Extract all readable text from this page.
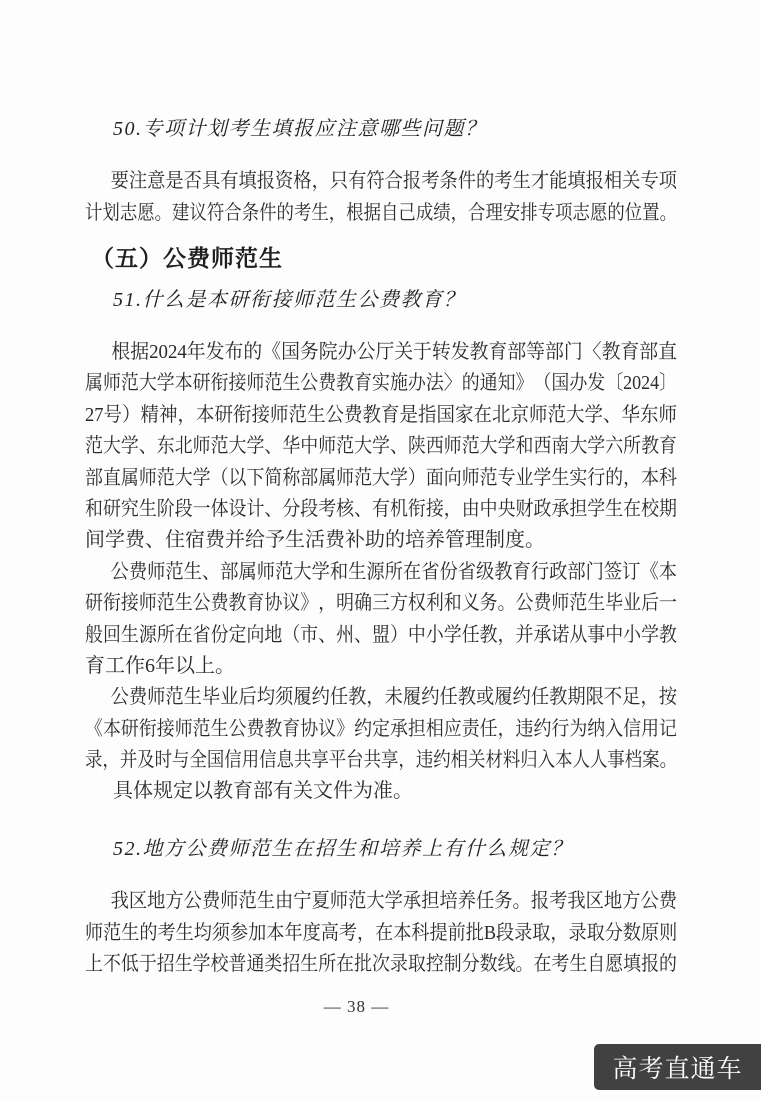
50.专项计划考生填报应注意哪些问题？
要 注 意 是 否 具 有 填 报 资 格 ， 只 有 符 合 报 考 条 件 的 考 生 才 能 填 报 相 关 专 项
计 划 志 愿 。 建 议 符 合 条 件 的 考 生 ， 根 据 自 己 成 绩 ， 合 理 安 排 专 项 志 愿 的 位 置 。
（五）公费师范生
51.什么是本研衔接师范生公费教育？
根 据 2 0 2 4 年 发 布 的 《 国 务 院 办 公 厅 关 于 转 发 教 育 部 等 部 门 〈 教 育 部 直
属 师 范 大 学 本 研 衔 接 师 范 生 公 费 教 育 实 施 办 法 〉 的 通 知 》 （ 国 办 发 〔 2 0 2 4 〕
2 7 号 ） 精 神 ， 本 研 衔 接 师 范 生 公 费 教 育 是 指 国 家 在 北 京 师 范 大 学 、 华 东 师
范 大 学 、 东 北 师 范 大 学 、 华 中 师 范 大 学 、 陕 西 师 范 大 学 和 西 南 大 学 六 所 教 育
部 直 属 师 范 大 学 （ 以 下 简 称 部 属 师 范 大 学 ） 面 向 师 范 专 业 学 生 实 行 的 ， 本 科
和 研 究 生 阶 段 一 体 设 计 、 分 段 考 核 、 有 机 衔 接 ， 由 中 央 财 政 承 担 学 生 在 校 期
间 学 费 、 住 宿 费 并 给 予 生 活 费 补 助 的 培 养 管 理 制 度 。
公 费 师 范 生 、 部 属 师 范 大 学 和 生 源 所 在 省 份 省 级 教 育 行 政 部 门 签 订 《 本
研 衔 接 师 范 生 公 费 教 育 协 议 》 ， 明 确 三 方 权 利 和 义 务 。 公 费 师 范 生 毕 业 后 一
般 回 生 源 所 在 省 份 定 向 地 （ 市 、 州 、 盟 ） 中 小 学 任 教 ， 并 承 诺 从 事 中 小 学 教
育 工 作 6 年 以 上 。
公 费 师 范 生 毕 业 后 均 须 履 约 任 教 ， 未 履 约 任 教 或 履 约 任 教 期 限 不 足 ， 按
《 本 研 衔 接 师 范 生 公 费 教 育 协 议 》 约 定 承 担 相 应 责 任 ， 违 约 行 为 纳 入 信 用 记
录 ， 并 及 时 与 全 国 信 用 信 息 共 享 平 台 共 享 ， 违 约 相 关 材 料 归 入 本 人 人 事 档 案 。
具 体 规 定 以 教 育 部 有 关 文 件 为 准 。
52.地方公费师范生在招生和培养上有什么规定？
我 区 地 方 公 费 师 范 生 由 宁 夏 师 范 大 学 承 担 培 养 任 务 。 报 考 我 区 地 方 公 费
师 范 生 的 考 生 均 须 参 加 本 年 度 高 考 ， 在 本 科 提 前 批 B 段 录 取 ， 录 取 分 数 原 则
上 不 低 于 招 生 学 校 普 通 类 招 生 所 在 批 次 录 取 控 制 分 数 线 。 在 考 生 自 愿 填 报 的
— 38 —
高考直通车
